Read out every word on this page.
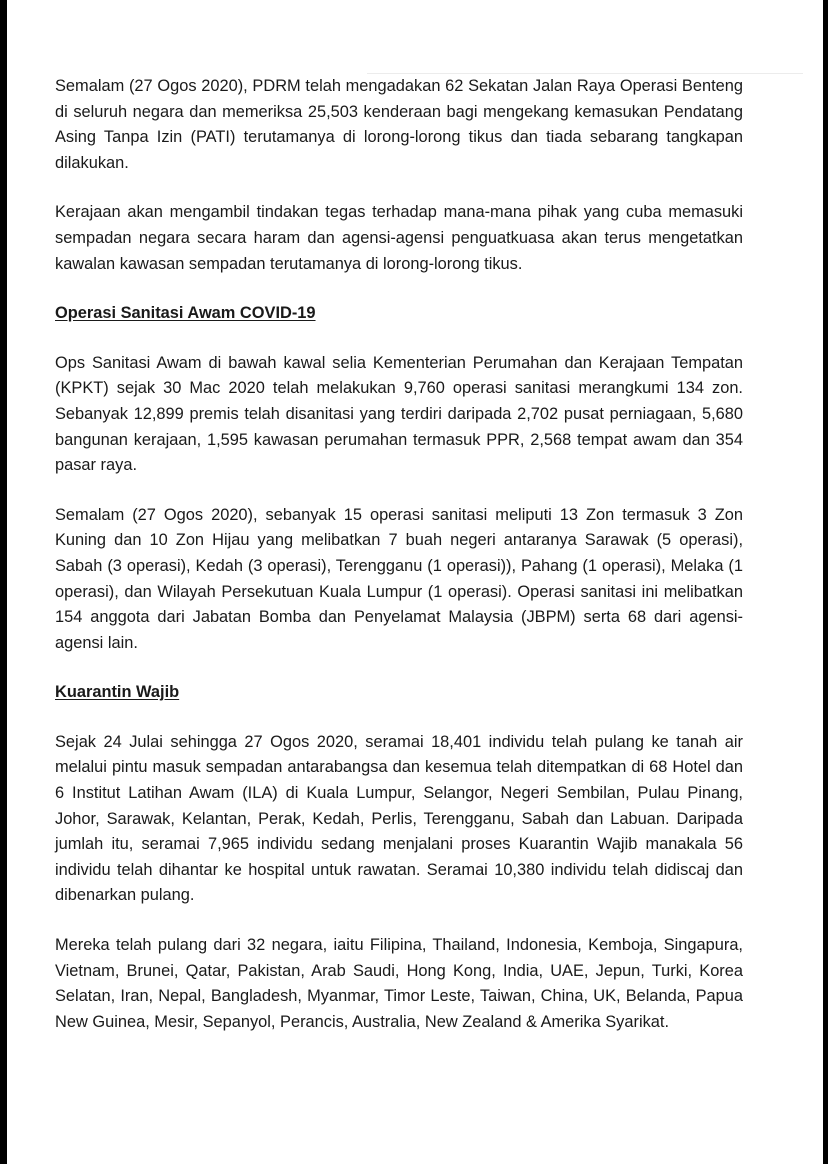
Semalam (27 Ogos 2020), PDRM telah mengadakan 62 Sekatan Jalan Raya Operasi Benteng di seluruh negara dan memeriksa 25,503 kenderaan bagi mengekang kemasukan Pendatang Asing Tanpa Izin (PATI) terutamanya di lorong-lorong tikus dan tiada sebarang tangkapan dilakukan.

Kerajaan akan mengambil tindakan tegas terhadap mana-mana pihak yang cuba memasuki sempadan negara secara haram dan agensi-agensi penguatkuasa akan terus mengetatkan kawalan kawasan sempadan terutamanya di lorong-lorong tikus.

Operasi Sanitasi Awam COVID-19

Ops Sanitasi Awam di bawah kawal selia Kementerian Perumahan dan Kerajaan Tempatan (KPKT) sejak 30 Mac 2020 telah melakukan 9,760 operasi sanitasi merangkumi 134 zon. Sebanyak 12,899 premis telah disanitasi yang terdiri daripada 2,702 pusat perniagaan, 5,680 bangunan kerajaan, 1,595 kawasan perumahan termasuk PPR, 2,568 tempat awam dan 354 pasar raya.

Semalam (27 Ogos 2020), sebanyak 15 operasi sanitasi meliputi 13 Zon termasuk 3 Zon Kuning dan 10 Zon Hijau yang melibatkan 7 buah negeri antaranya Sarawak (5 operasi), Sabah (3 operasi), Kedah (3 operasi), Terengganu (1 operasi)), Pahang (1 operasi), Melaka (1 operasi), dan Wilayah Persekutuan Kuala Lumpur (1 operasi). Operasi sanitasi ini melibatkan 154 anggota dari Jabatan Bomba dan Penyelamat Malaysia (JBPM) serta 68 dari agensi-agensi lain.

Kuarantin Wajib

Sejak 24 Julai sehingga 27 Ogos 2020, seramai 18,401 individu telah pulang ke tanah air melalui pintu masuk sempadan antarabangsa dan kesemua telah ditempatkan di 68 Hotel dan 6 Institut Latihan Awam (ILA) di Kuala Lumpur, Selangor, Negeri Sembilan, Pulau Pinang, Johor, Sarawak, Kelantan, Perak, Kedah, Perlis, Terengganu, Sabah dan Labuan. Daripada jumlah itu, seramai 7,965 individu sedang menjalani proses Kuarantin Wajib manakala 56 individu telah dihantar ke hospital untuk rawatan. Seramai 10,380 individu telah didiscaj dan dibenarkan pulang.

Mereka telah pulang dari 32 negara, iaitu Filipina, Thailand, Indonesia, Kemboja, Singapura, Vietnam, Brunei, Qatar, Pakistan, Arab Saudi, Hong Kong, India, UAE, Jepun, Turki, Korea Selatan, Iran, Nepal, Bangladesh, Myanmar, Timor Leste, Taiwan, China, UK, Belanda, Papua New Guinea, Mesir, Sepanyol, Perancis, Australia, New Zealand & Amerika Syarikat.
